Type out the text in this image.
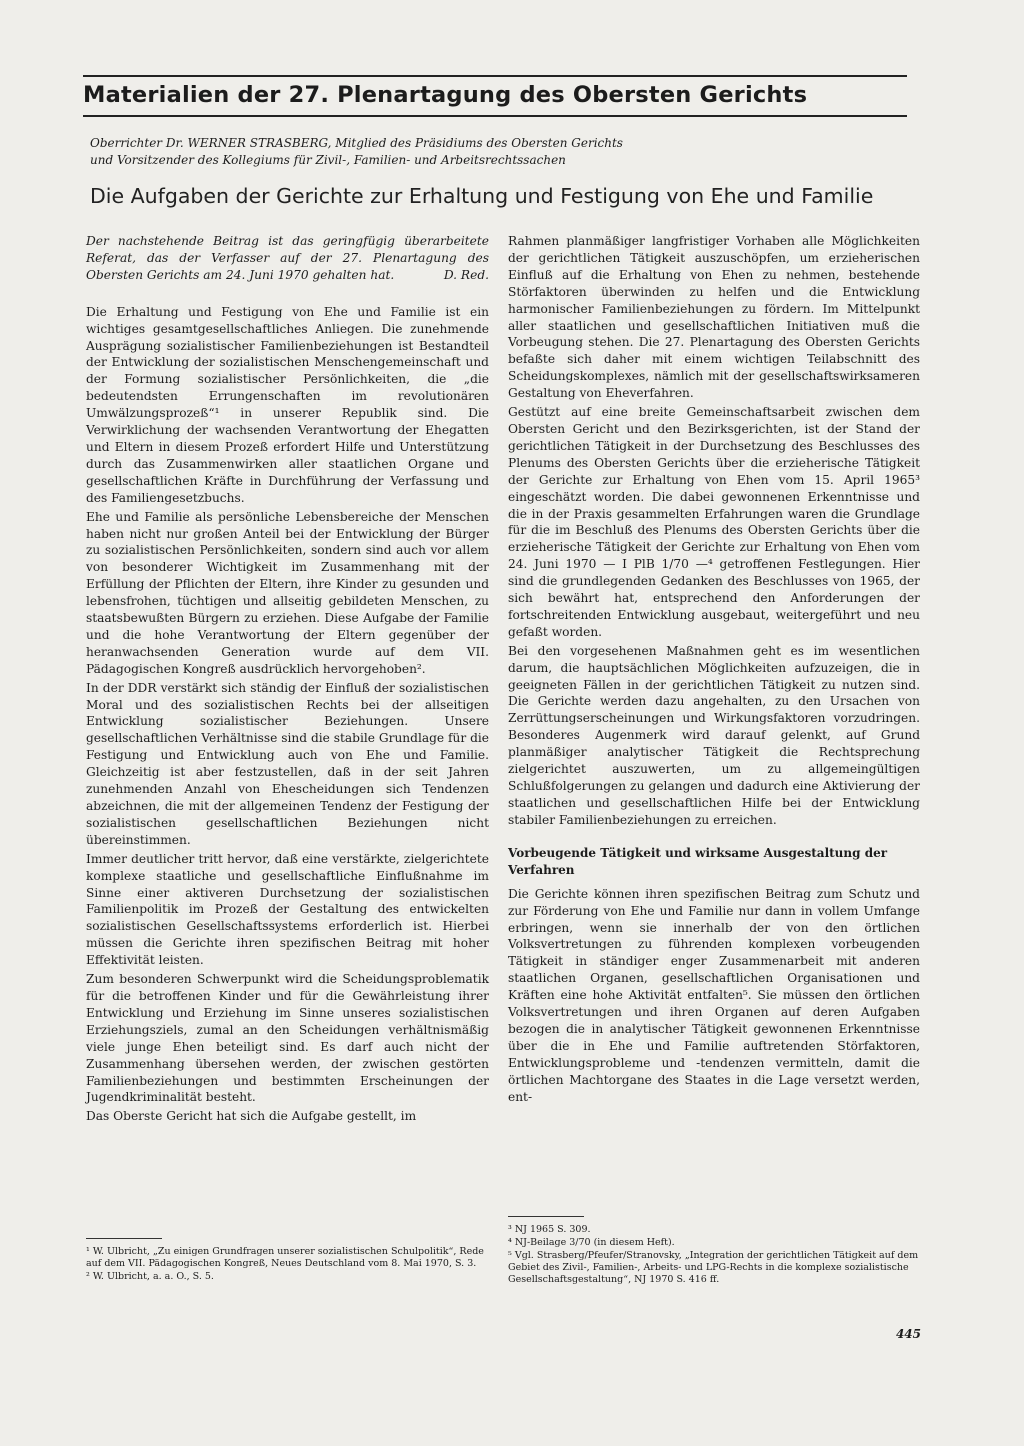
Materialien der 27. Plenartagung des Obersten Gerichts
Oberrichter Dr. WERNER STRASBERG, Mitglied des Präsidiums des Obersten Gerichts
und Vorsitzender des Kollegiums für Zivil-, Familien- und Arbeitsrechtssachen
Die Aufgaben der Gerichte zur Erhaltung und Festigung von Ehe und Familie

Der nachstehende Beitrag ist das geringfügig überarbeitete Referat, das der Verfasser auf der 27. Plenartagung des Obersten Gerichts am 24. Juni 1970 gehalten hat.	D. Red.

Die Erhaltung und Festigung von Ehe und Familie ist ein wichtiges gesamtgesellschaftliches Anliegen. Die zunehmende Ausprägung sozialistischer Familienbeziehungen ist Bestandteil der Entwicklung der sozialistischen Menschengemeinschaft und der Formung sozialistischer Persönlichkeiten, die „die bedeutendsten Errungenschaften im revolutionären Umwälzungsprozeß“¹ in unserer Republik sind. Die Verwirklichung der wachsenden Verantwortung der Ehegatten und Eltern in diesem Prozeß erfordert Hilfe und Unterstützung durch das Zusammenwirken aller staatlichen Organe und gesellschaftlichen Kräfte in Durchführung der Verfassung und des Familiengesetzbuchs.

Ehe und Familie als persönliche Lebensbereiche der Menschen haben nicht nur großen Anteil bei der Entwicklung der Bürger zu sozialistischen Persönlichkeiten, sondern sind auch vor allem von besonderer Wichtigkeit im Zusammenhang mit der Erfüllung der Pflichten der Eltern, ihre Kinder zu gesunden und lebensfrohen, tüchtigen und allseitig gebildeten Menschen, zu staatsbewußten Bürgern zu erziehen. Diese Aufgabe der Familie und die hohe Verantwortung der Eltern gegenüber der heranwachsenden Generation wurde auf dem VII. Pädagogischen Kongreß ausdrücklich hervorgehoben².

In der DDR verstärkt sich ständig der Einfluß der sozialistischen Moral und des sozialistischen Rechts bei der allseitigen Entwicklung sozialistischer Beziehungen. Unsere gesellschaftlichen Verhältnisse sind die stabile Grundlage für die Festigung und Entwicklung auch von Ehe und Familie. Gleichzeitig ist aber festzustellen, daß in der seit Jahren zunehmenden Anzahl von Ehescheidungen sich Tendenzen abzeichnen, die mit der allgemeinen Tendenz der Festigung der sozialistischen gesellschaftlichen Beziehungen nicht übereinstimmen.

Immer deutlicher tritt hervor, daß eine verstärkte, zielgerichtete komplexe staatliche und gesellschaftliche Einflußnahme im Sinne einer aktiveren Durchsetzung der sozialistischen Familienpolitik im Prozeß der Gestaltung des entwickelten sozialistischen Gesellschaftssystems erforderlich ist. Hierbei müssen die Gerichte ihren spezifischen Beitrag mit hoher Effektivität leisten.

Zum besonderen Schwerpunkt wird die Scheidungsproblematik für die betroffenen Kinder und für die Gewährleistung ihrer Entwicklung und Erziehung im Sinne unseres sozialistischen Erziehungsziels, zumal an den Scheidungen verhältnismäßig viele junge Ehen beteiligt sind. Es darf auch nicht der Zusammenhang übersehen werden, der zwischen gestörten Familienbeziehungen und bestimmten Erscheinungen der Jugendkriminalität besteht.

Das Oberste Gericht hat sich die Aufgabe gestellt, im

Rahmen planmäßiger langfristiger Vorhaben alle Möglichkeiten der gerichtlichen Tätigkeit auszuschöpfen, um erzieherischen Einfluß auf die Erhaltung von Ehen zu nehmen, bestehende Störfaktoren überwinden zu helfen und die Entwicklung harmonischer Familienbeziehungen zu fördern. Im Mittelpunkt aller staatlichen und gesellschaftlichen Initiativen muß die Vorbeugung stehen. Die 27. Plenartagung des Obersten Gerichts befaßte sich daher mit einem wichtigen Teilabschnitt des Scheidungskomplexes, nämlich mit der gesellschaftswirksameren Gestaltung von Eheverfahren.

Gestützt auf eine breite Gemeinschaftsarbeit zwischen dem Obersten Gericht und den Bezirksgerichten, ist der Stand der gerichtlichen Tätigkeit in der Durchsetzung des Beschlusses des Plenums des Obersten Gerichts über die erzieherische Tätigkeit der Gerichte zur Erhaltung von Ehen vom 15. April 1965³ eingeschätzt worden. Die dabei gewonnenen Erkenntnisse und die in der Praxis gesammelten Erfahrungen waren die Grundlage für die im Beschluß des Plenums des Obersten Gerichts über die erzieherische Tätigkeit der Gerichte zur Erhaltung von Ehen vom 24. Juni 1970 — I PlB 1/70 —⁴ getroffenen Festlegungen. Hier sind die grundlegenden Gedanken des Beschlusses von 1965, der sich bewährt hat, entsprechend den Anforderungen der fortschreitenden Entwicklung ausgebaut, weitergeführt und neu gefaßt worden.

Bei den vorgesehenen Maßnahmen geht es im wesentlichen darum, die hauptsächlichen Möglichkeiten aufzuzeigen, die in geeigneten Fällen in der gerichtlichen Tätigkeit zu nutzen sind. Die Gerichte werden dazu angehalten, zu den Ursachen von Zerrüttungserscheinungen und Wirkungsfaktoren vorzudringen. Besonderes Augenmerk wird darauf gelenkt, auf Grund planmäßiger analytischer Tätigkeit die Rechtsprechung zielgerichtet auszuwerten, um zu allgemeingültigen Schlußfolgerungen zu gelangen und dadurch eine Aktivierung der staatlichen und gesellschaftlichen Hilfe bei der Entwicklung stabiler Familienbeziehungen zu erreichen.

Vorbeugende Tätigkeit und wirksame Ausgestaltung der Verfahren

Die Gerichte können ihren spezifischen Beitrag zum Schutz und zur Förderung von Ehe und Familie nur dann in vollem Umfange erbringen, wenn sie innerhalb der von den örtlichen Volksvertretungen zu führenden komplexen vorbeugenden Tätigkeit in ständiger enger Zusammenarbeit mit anderen staatlichen Organen, gesellschaftlichen Organisationen und Kräften eine hohe Aktivität entfalten⁵. Sie müssen den örtlichen Volksvertretungen und ihren Organen auf deren Aufgaben bezogen die in analytischer Tätigkeit gewonnenen Erkenntnisse über die in Ehe und Familie auftretenden Störfaktoren, Entwicklungsprobleme und -tendenzen vermitteln, damit die örtlichen Machtorgane des Staates in die Lage versetzt werden, ent-

¹ W. Ulbricht, „Zu einigen Grundfragen unserer sozialistischen Schulpolitik“, Rede auf dem VII. Pädagogischen Kongreß, Neues Deutschland vom 8. Mai 1970, S. 3.
² W. Ulbricht, a. a. O., S. 5.
³ NJ 1965 S. 309.
⁴ NJ-Beilage 3/70 (in diesem Heft).
⁵ Vgl. Strasberg/Pfeufer/Stranovsky, „Integration der gerichtlichen Tätigkeit auf dem Gebiet des Zivil-, Familien-, Arbeits- und LPG-Rechts in die komplexe sozialistische Gesellschaftsgestaltung“, NJ 1970 S. 416 ff.
445
